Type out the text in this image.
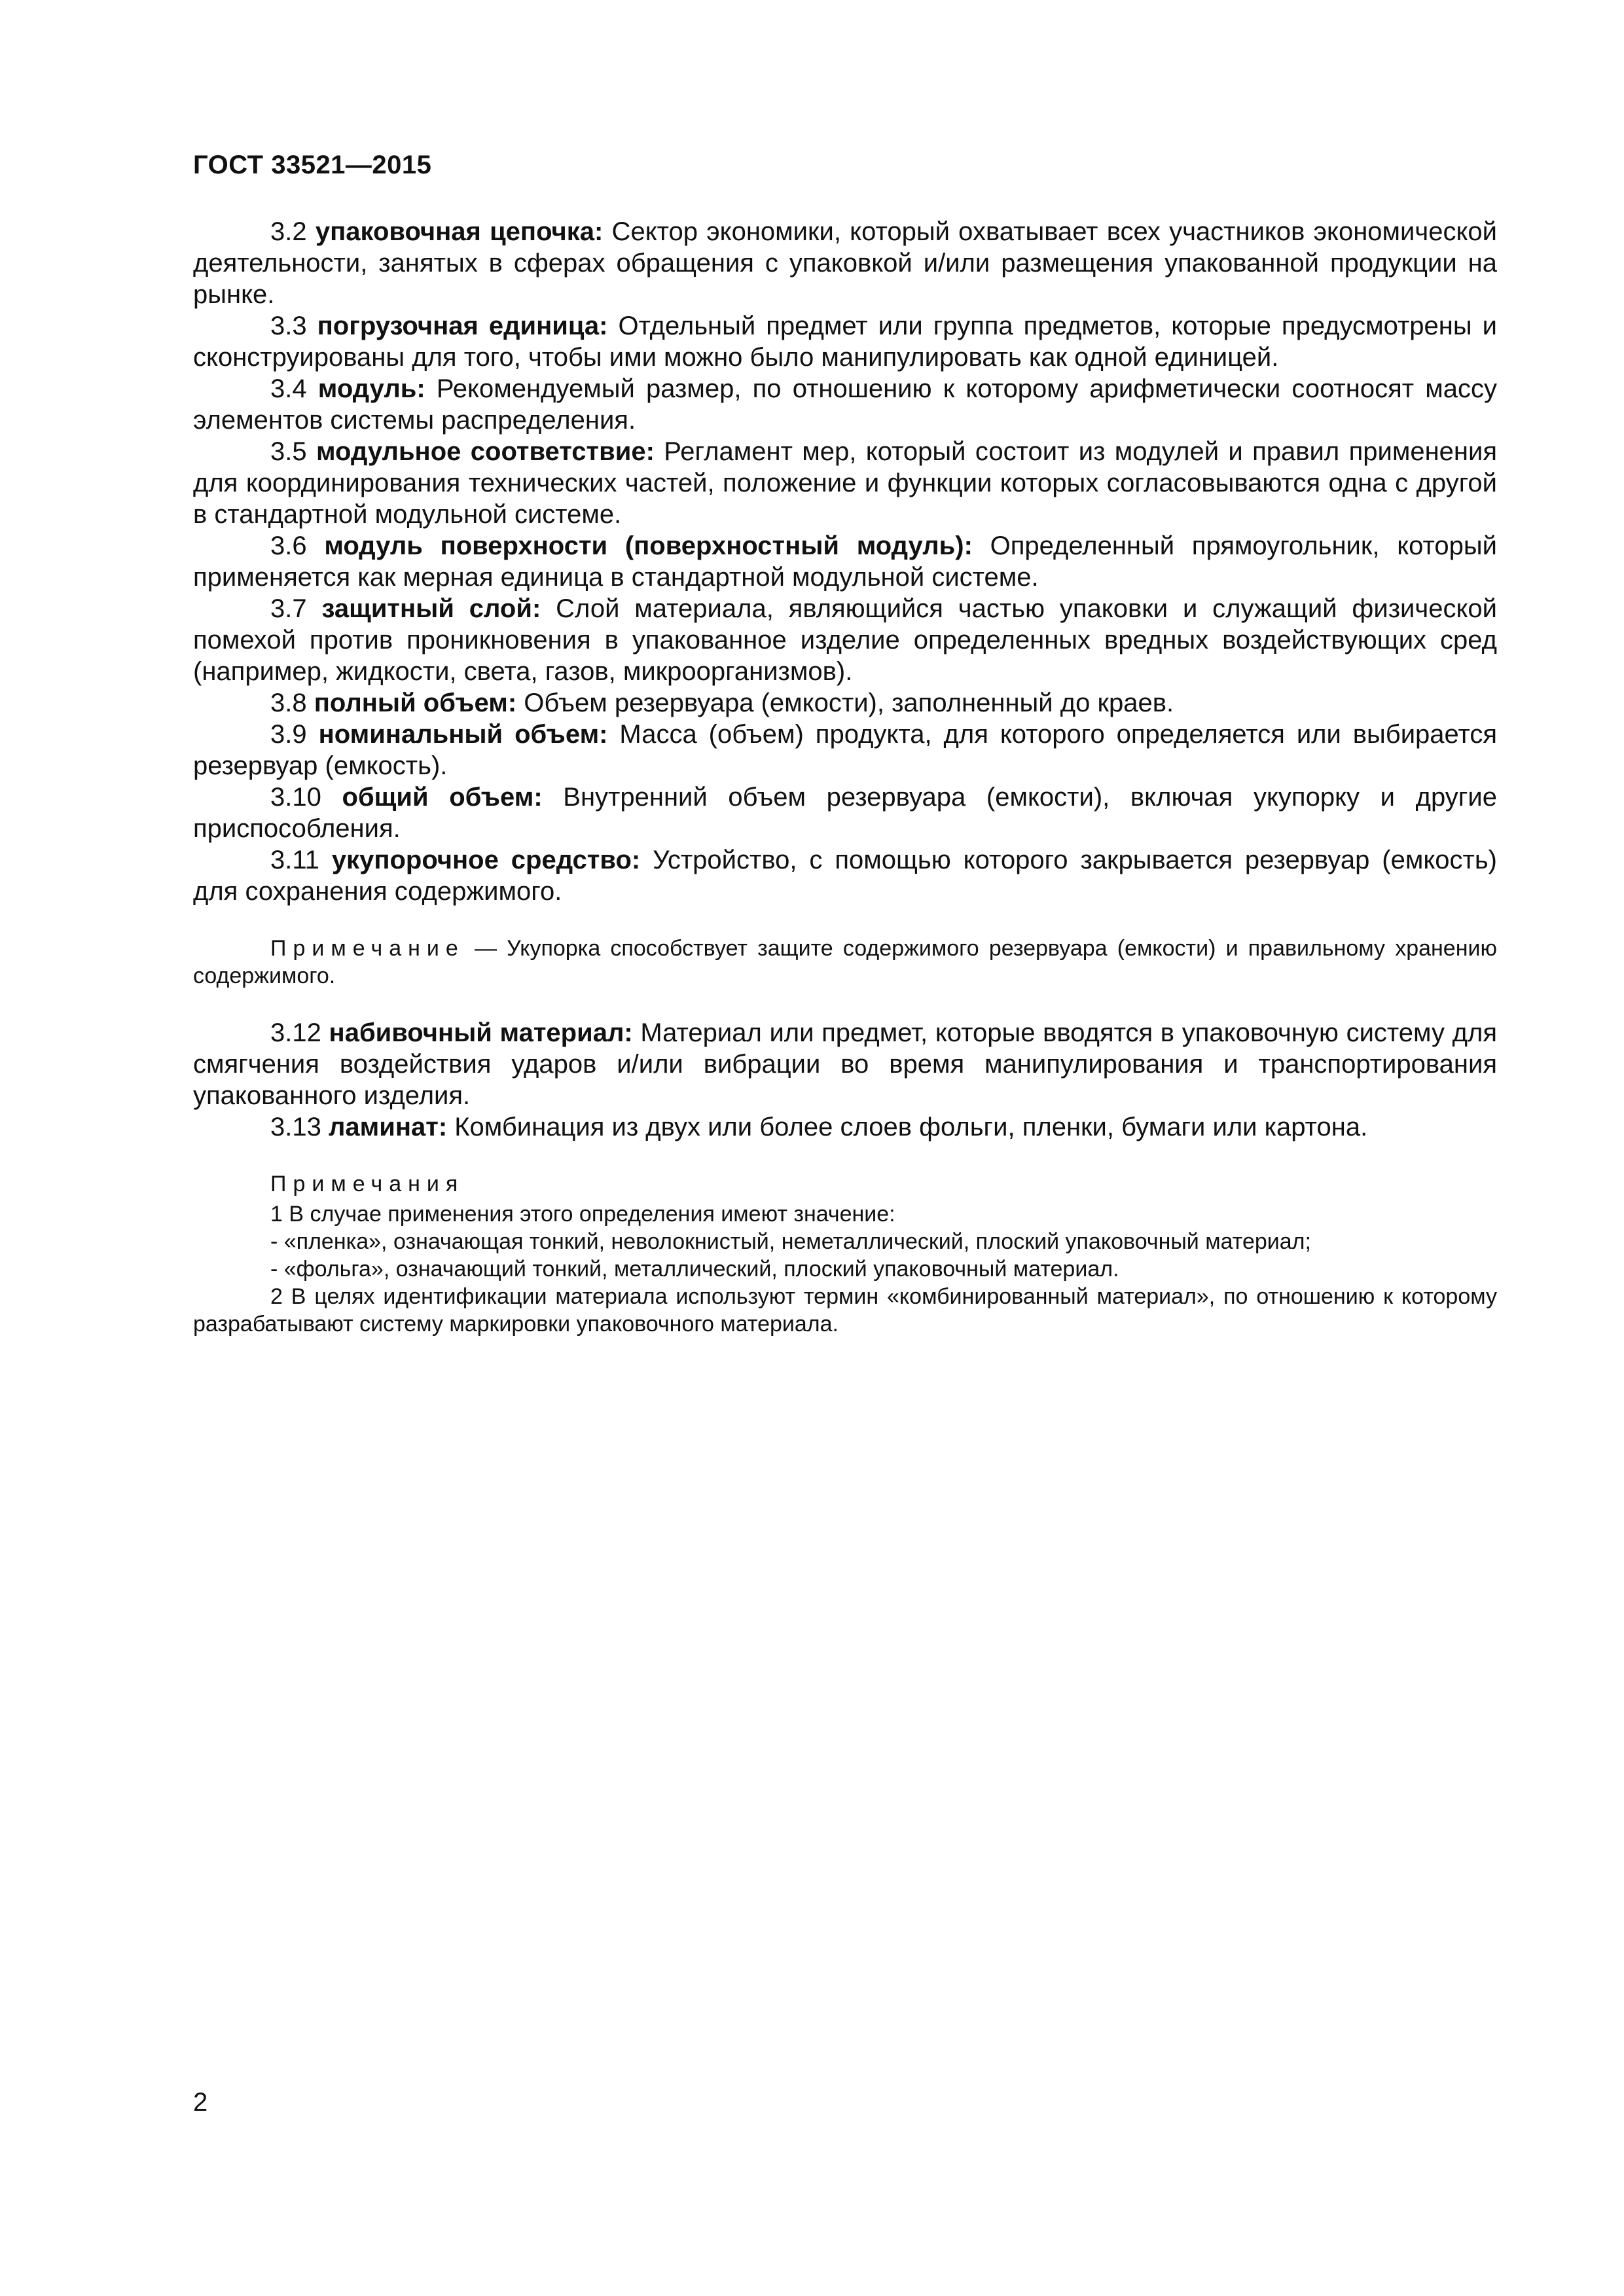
ГОСТ 33521—2015

3.2 упаковочная цепочка: Сектор экономики, который охватывает всех участников экономической деятельности, занятых в сферах обращения с упаковкой и/или размещения упакованной продукции на рынке.

3.3 погрузочная единица: Отдельный предмет или группа предметов, которые предусмотрены и сконструированы для того, чтобы ими можно было манипулировать как одной единицей.

3.4 модуль: Рекомендуемый размер, по отношению к которому арифметически соотносят массу элементов системы распределения.

3.5 модульное соответствие: Регламент мер, который состоит из модулей и правил применения для координирования технических частей, положение и функции которых согласовываются одна с другой в стандартной модульной системе.

3.6 модуль поверхности (поверхностный модуль): Определенный прямоугольник, который применяется как мерная единица в стандартной модульной системе.

3.7 защитный слой: Слой материала, являющийся частью упаковки и служащий физической помехой против проникновения в упакованное изделие определенных вредных воздействующих сред (например, жидкости, света, газов, микроорганизмов).

3.8 полный объем: Объем резервуара (емкости), заполненный до краев.

3.9 номинальный объем: Масса (объем) продукта, для которого определяется или выбирается резервуар (емкость).

3.10 общий объем: Внутренний объем резервуара (емкости), включая укупорку и другие приспособления.

3.11 укупорочное средство: Устройство, с помощью которого закрывается резервуар (емкость) для сохранения содержимого.

Примечание — Укупорка способствует защите содержимого резервуара (емкости) и правильному хранению содержимого.

3.12 набивочный материал: Материал или предмет, которые вводятся в упаковочную систему для смягчения воздействия ударов и/или вибрации во время манипулирования и транспортирования упакованного изделия.

3.13 ламинат: Комбинация из двух или более слоев фольги, пленки, бумаги или картона.

Примечания

1 В случае применения этого определения имеют значение:

- «пленка», означающая тонкий, неволокнистый, неметаллический, плоский упаковочный материал;

- «фольга», означающий тонкий, металлический, плоский упаковочный материал.

2 В целях идентификации материала используют термин «комбинированный материал», по отношению к которому разрабатывают систему маркировки упаковочного материала.

2
